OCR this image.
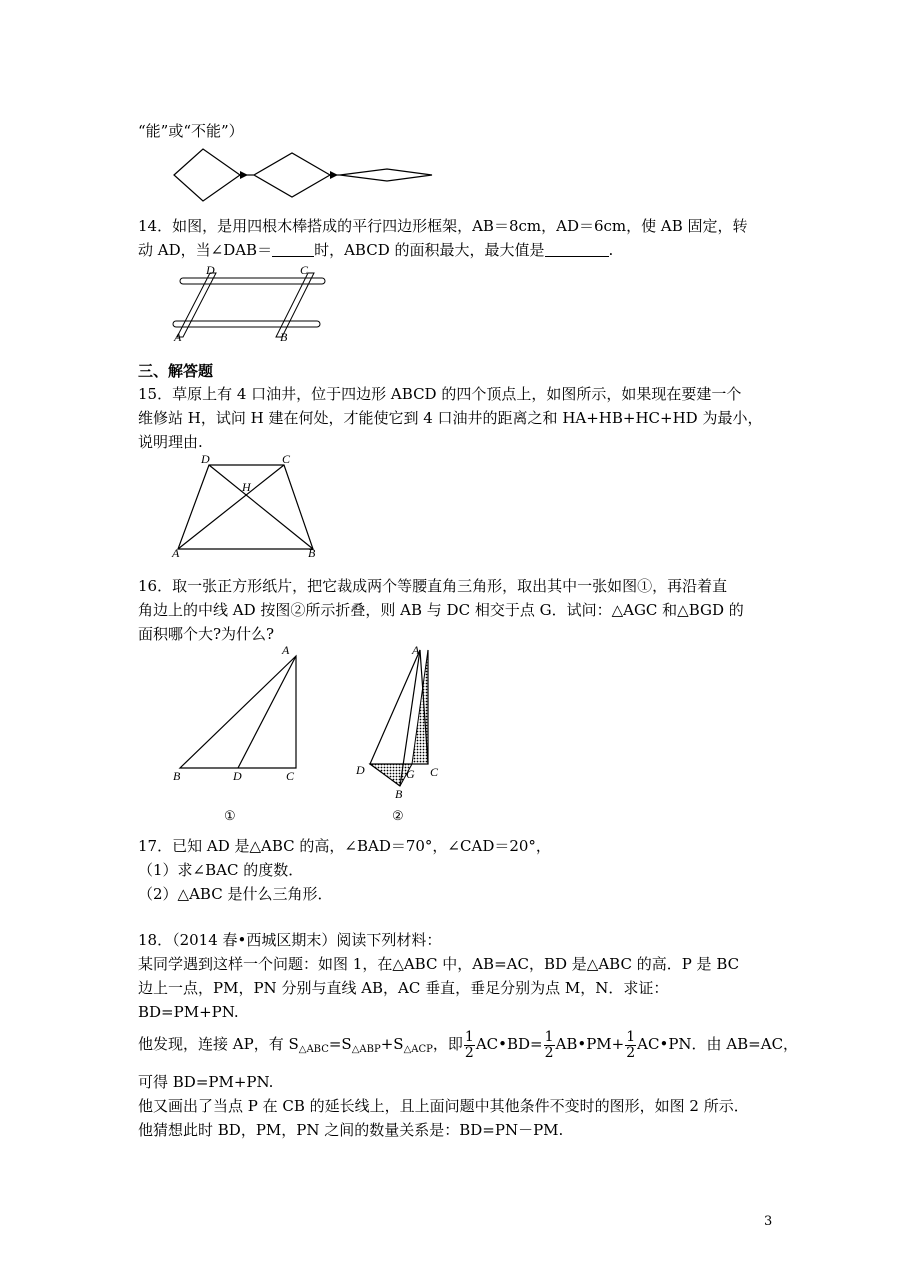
“能”或“不能”）
14．如图，是用四根木棒搭成的平行四边形框架，AB＝8cm，AD＝6cm，使 AB 固定，转
动 AD，当∠DAB＝	时，ABCD 的面积最大，最大值是	.
D	C
A	B
三、解答题
15．草原上有 4 口油井，位于四边形 ABCD 的四个顶点上，如图所示，如果现在要建一个
维修站 H，试问 H 建在何处，才能使它到 4 口油井的距离之和 HA+HB+HC+HD 为最小，
说明理由.
D	C
H
A	B
16．取一张正方形纸片，把它裁成两个等腰直角三角形，取出其中一张如图①，再沿着直
角边上的中线 AD 按图②所示折叠，则 AB 与 DC 相交于点 G．试问：△AGC 和△BGD 的
面积哪个大?为什么?
A
B	D	C
①
A
D	G C
B
②
17．已知 AD 是△ABC 的高，∠BAD＝70°，∠CAD＝20°，
（1）求∠BAC 的度数．
（2）△ABC 是什么三角形．
18．（2014 春•西城区期末）阅读下列材料：
某同学遇到这样一个问题：如图 1，在△ABC 中，AB=AC，BD 是△ABC 的高．P 是 BC
边上一点，PM，PN 分别与直线 AB，AC 垂直，垂足分别为点 M，N．求证：
BD=PM+PN.
他发现，连接 AP，有 $S_{\triangle ABC}=S_{\triangle ABP}+S_{\triangle ACP}$，即 $\frac{1}{2}$ AC•BD= $\frac{1}{2}$ AB•PM+ $\frac{1}{2}$ AC•PN．由 AB=AC，
可得 BD=PM+PN.
他又画出了当点 P 在 CB 的延长线上，且上面问题中其他条件不变时的图形，如图 2 所示．
他猜想此时 BD，PM，PN 之间的数量关系是：BD=PN－PM.
3
